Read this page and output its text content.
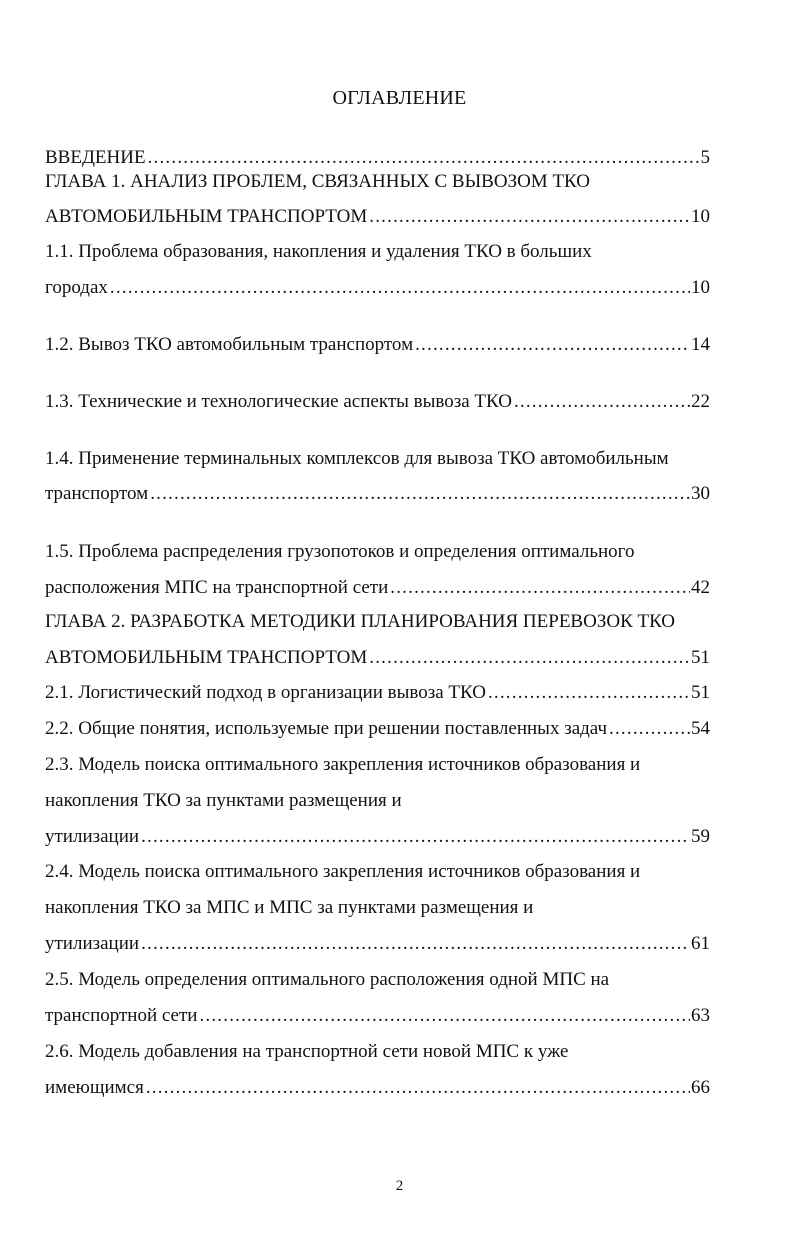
ОГЛАВЛЕНИЕ
ВВЕДЕНИЕ .....	5
ГЛАВА 1. АНАЛИЗ ПРОБЛЕМ, СВЯЗАННЫХ С ВЫВОЗОМ ТКО
АВТОМОБИЛЬНЫМ ТРАНСПОРТОМ .....	10
1.1. Проблема образования, накопления и удаления ТКО в больших
городах .....	10
1.2. Вывоз ТКО автомобильным транспортом .....	14
1.3. Технические и технологические аспекты вывоза ТКО .....	22
1.4. Применение терминальных комплексов для вывоза ТКО автомобильным
транспортом .....	30
1.5. Проблема распределения грузопотоков и определения оптимального
расположения МПС на транспортной сети .....	42
ГЛАВА 2. РАЗРАБОТКА МЕТОДИКИ ПЛАНИРОВАНИЯ ПЕРЕВОЗОК ТКО
АВТОМОБИЛЬНЫМ ТРАНСПОРТОМ .....	51
2.1. Логистический подход в организации вывоза ТКО .....	51
2.2. Общие понятия, используемые при решении поставленных задач .....	54
2.3. Модель поиска оптимального закрепления источников образования и
накопления ТКО за пунктами размещения и
утилизации .....	59
2.4. Модель поиска оптимального закрепления источников образования и
накопления ТКО за МПС и МПС за пунктами размещения и
утилизации .....	61
2.5. Модель определения оптимального расположения одной МПС на
транспортной сети .....	63
2.6. Модель добавления на транспортной сети новой МПС к уже
имеющимся .....	66
2
